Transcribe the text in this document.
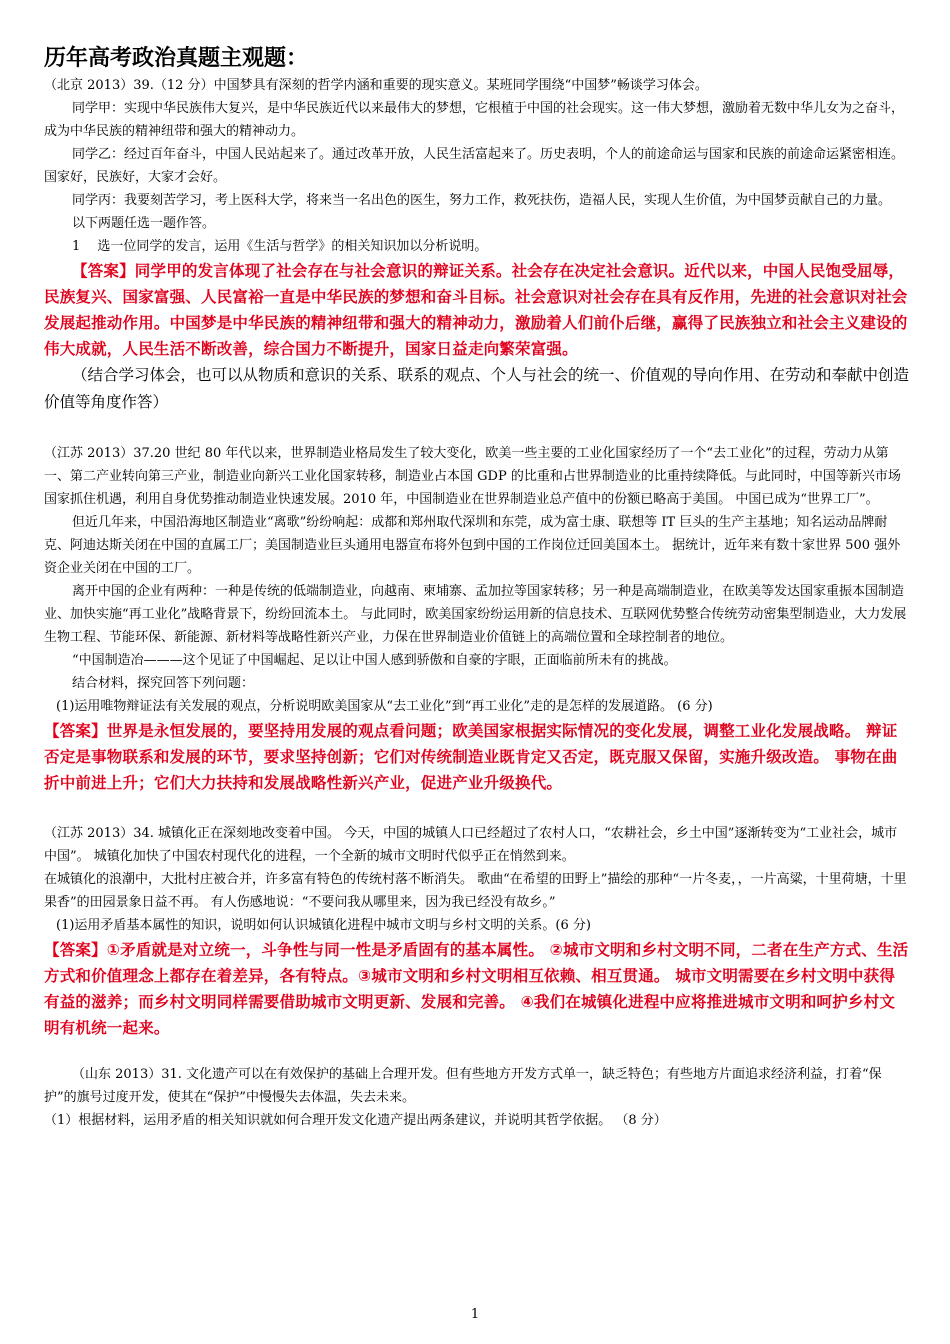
历年高考政治真题主观题：

（北京 2013）39.（12 分）中国梦具有深刻的哲学内涵和重要的现实意义。某班同学围绕“中国梦”畅谈学习体会。

同学甲：实现中华民族伟大复兴，是中华民族近代以来最伟大的梦想，它根植于中国的社会现实。这一伟大梦想，激励着无数中华儿女为之奋斗，成为中华民族的精神纽带和强大的精神动力。

同学乙：经过百年奋斗，中国人民站起来了。通过改革开放，人民生活富起来了。历史表明，个人的前途命运与国家和民族的前途命运紧密相连。国家好，民族好，大家才会好。

同学丙：我要刻苦学习，考上医科大学，将来当一名出色的医生，努力工作，救死扶伤，造福人民，实现人生价值，为中国梦贡献自己的力量。

以下两题任选一题作答。

1　 选一位同学的发言，运用《生活与哲学》的相关知识加以分析说明。

【答案】同学甲的发言体现了社会存在与社会意识的辩证关系。社会存在决定社会意识。近代以来，中国人民饱受屈辱，民族复兴、国家富强、人民富裕一直是中华民族的梦想和奋斗目标。社会意识对社会存在具有反作用，先进的社会意识对社会发展起推动作用。中国梦是中华民族的精神纽带和强大的精神动力，激励着人们前仆后继，赢得了民族独立和社会主义建设的伟大成就，人民生活不断改善，综合国力不断提升，国家日益走向繁荣富强。

（结合学习体会，也可以从物质和意识的关系、联系的观点、个人与社会的统一、价值观的导向作用、在劳动和奉献中创造价值等角度作答）

（江苏 2013）37.20 世纪 80 年代以来，世界制造业格局发生了较大变化，欧美一些主要的工业化国家经历了一个“去工业化”的过程，劳动力从第一、第二产业转向第三产业，制造业向新兴工业化国家转移，制造业占本国 GDP 的比重和占世界制造业的比重持续降低。与此同时，中国等新兴市场国家抓住机遇，利用自身优势推动制造业快速发展。2010 年，中国制造业在世界制造业总产值中的份额已略高于美国。 中国已成为“世界工厂”。

但近几年来，中国沿海地区制造业“离歌”纷纷响起：成都和郑州取代深圳和东莞，成为富士康、联想等 IT 巨头的生产主基地；知名运动品牌耐克、阿迪达斯关闭在中国的直属工厂；美国制造业巨头通用电器宣布将外包到中国的工作岗位迁回美国本土。 据统计，近年来有数十家世界 500 强外资企业关闭在中国的工厂。

离开中国的企业有两种：一种是传统的低端制造业，向越南、柬埔寨、孟加拉等国家转移；另一种是高端制造业，在欧美等发达国家重振本国制造业、加快实施“再工业化”战略背景下，纷纷回流本土。 与此同时，欧美国家纷纷运用新的信息技术、互联网优势整合传统劳动密集型制造业，大力发展生物工程、节能环保、新能源、新材料等战略性新兴产业，力保在世界制造业价值链上的高端位置和全球控制者的地位。

“中国制造冶———这个见证了中国崛起、足以让中国人感到骄傲和自豪的字眼，正面临前所未有的挑战。

结合材料，探究回答下列问题：

(1)运用唯物辩证法有关发展的观点，分析说明欧美国家从“去工业化”到“再工业化”走的是怎样的发展道路。 (6 分)

【答案】世界是永恒发展的，要坚持用发展的观点看问题；欧美国家根据实际情况的变化发展，调整工业化发展战略。 辩证否定是事物联系和发展的环节，要求坚持创新；它们对传统制造业既肯定又否定，既克服又保留，实施升级改造。 事物在曲折中前进上升；它们大力扶持和发展战略性新兴产业，促进产业升级换代。

（江苏 2013）34. 城镇化正在深刻地改变着中国。 今天，中国的城镇人口已经超过了农村人口，“农耕社会，乡土中国”逐渐转变为“工业社会，城市中国”。 城镇化加快了中国农村现代化的进程，一个全新的城市文明时代似乎正在悄然到来。

在城镇化的浪潮中，大批村庄被合并，许多富有特色的传统村落不断消失。 歌曲“在希望的田野上”描绘的那种“一片冬麦，，一片高粱，十里荷塘，十里果香”的田园景象日益不再。 有人伤感地说：“不要问我从哪里来，因为我已经没有故乡。”

(1)运用矛盾基本属性的知识，说明如何认识城镇化进程中城市文明与乡村文明的关系。(6 分)

【答案】①矛盾就是对立统一，斗争性与同一性是矛盾固有的基本属性。 ②城市文明和乡村文明不同，二者在生产方式、生活方式和价值理念上都存在着差异，各有特点。③城市文明和乡村文明相互依赖、相互贯通。 城市文明需要在乡村文明中获得有益的滋养；而乡村文明同样需要借助城市文明更新、发展和完善。 ④我们在城镇化进程中应将推进城市文明和呵护乡村文明有机统一起来。

（山东 2013）31. 文化遗产可以在有效保护的基础上合理开发。但有些地方开发方式单一，缺乏特色；有些地方片面追求经济利益，打着“保护”的旗号过度开发，使其在“保护”中慢慢失去体温，失去未来。

（1）根据材料，运用矛盾的相关知识就如何合理开发文化遗产提出两条建议，并说明其哲学依据。 （8 分）

1
